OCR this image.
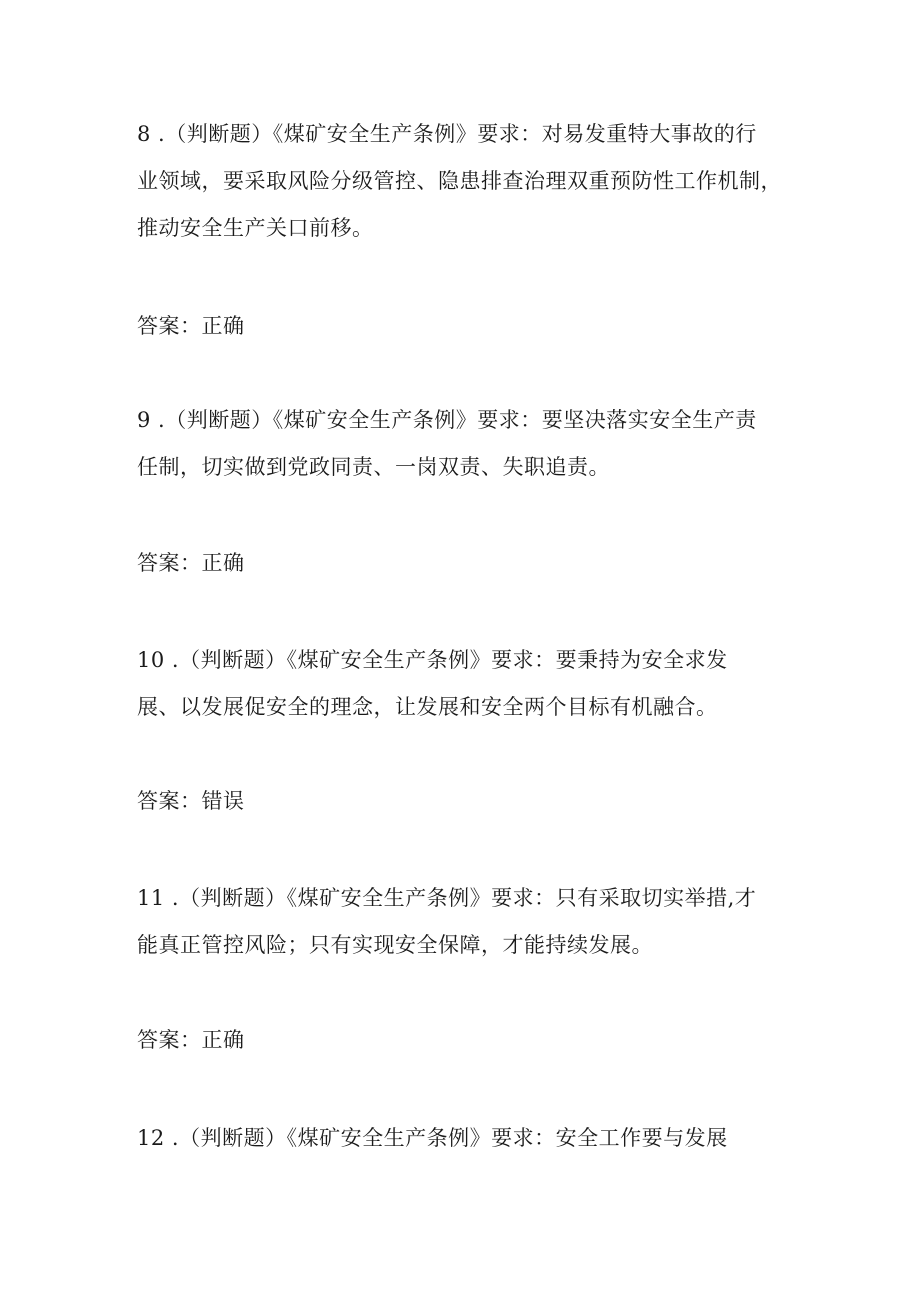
8 .（判断题）《煤矿安全生产条例》要求：对易发重特大事故的行
业领域，要采取风险分级管控、隐患排查治理双重预防性工作机制，
推动安全生产关口前移。
答案：正确
9 .（判断题）《煤矿安全生产条例》要求：要坚决落实安全生产责
任制，切实做到党政同责、一岗双责、失职追责。
答案：正确
10 .（判断题）《煤矿安全生产条例》要求：要秉持为安全求发
展、以发展促安全的理念，让发展和安全两个目标有机融合。
答案：错误
11 .（判断题）《煤矿安全生产条例》要求：只有采取切实举措,才
能真正管控风险；只有实现安全保障，才能持续发展。
答案：正确
12 .（判断题）《煤矿安全生产条例》要求：安全工作要与发展
